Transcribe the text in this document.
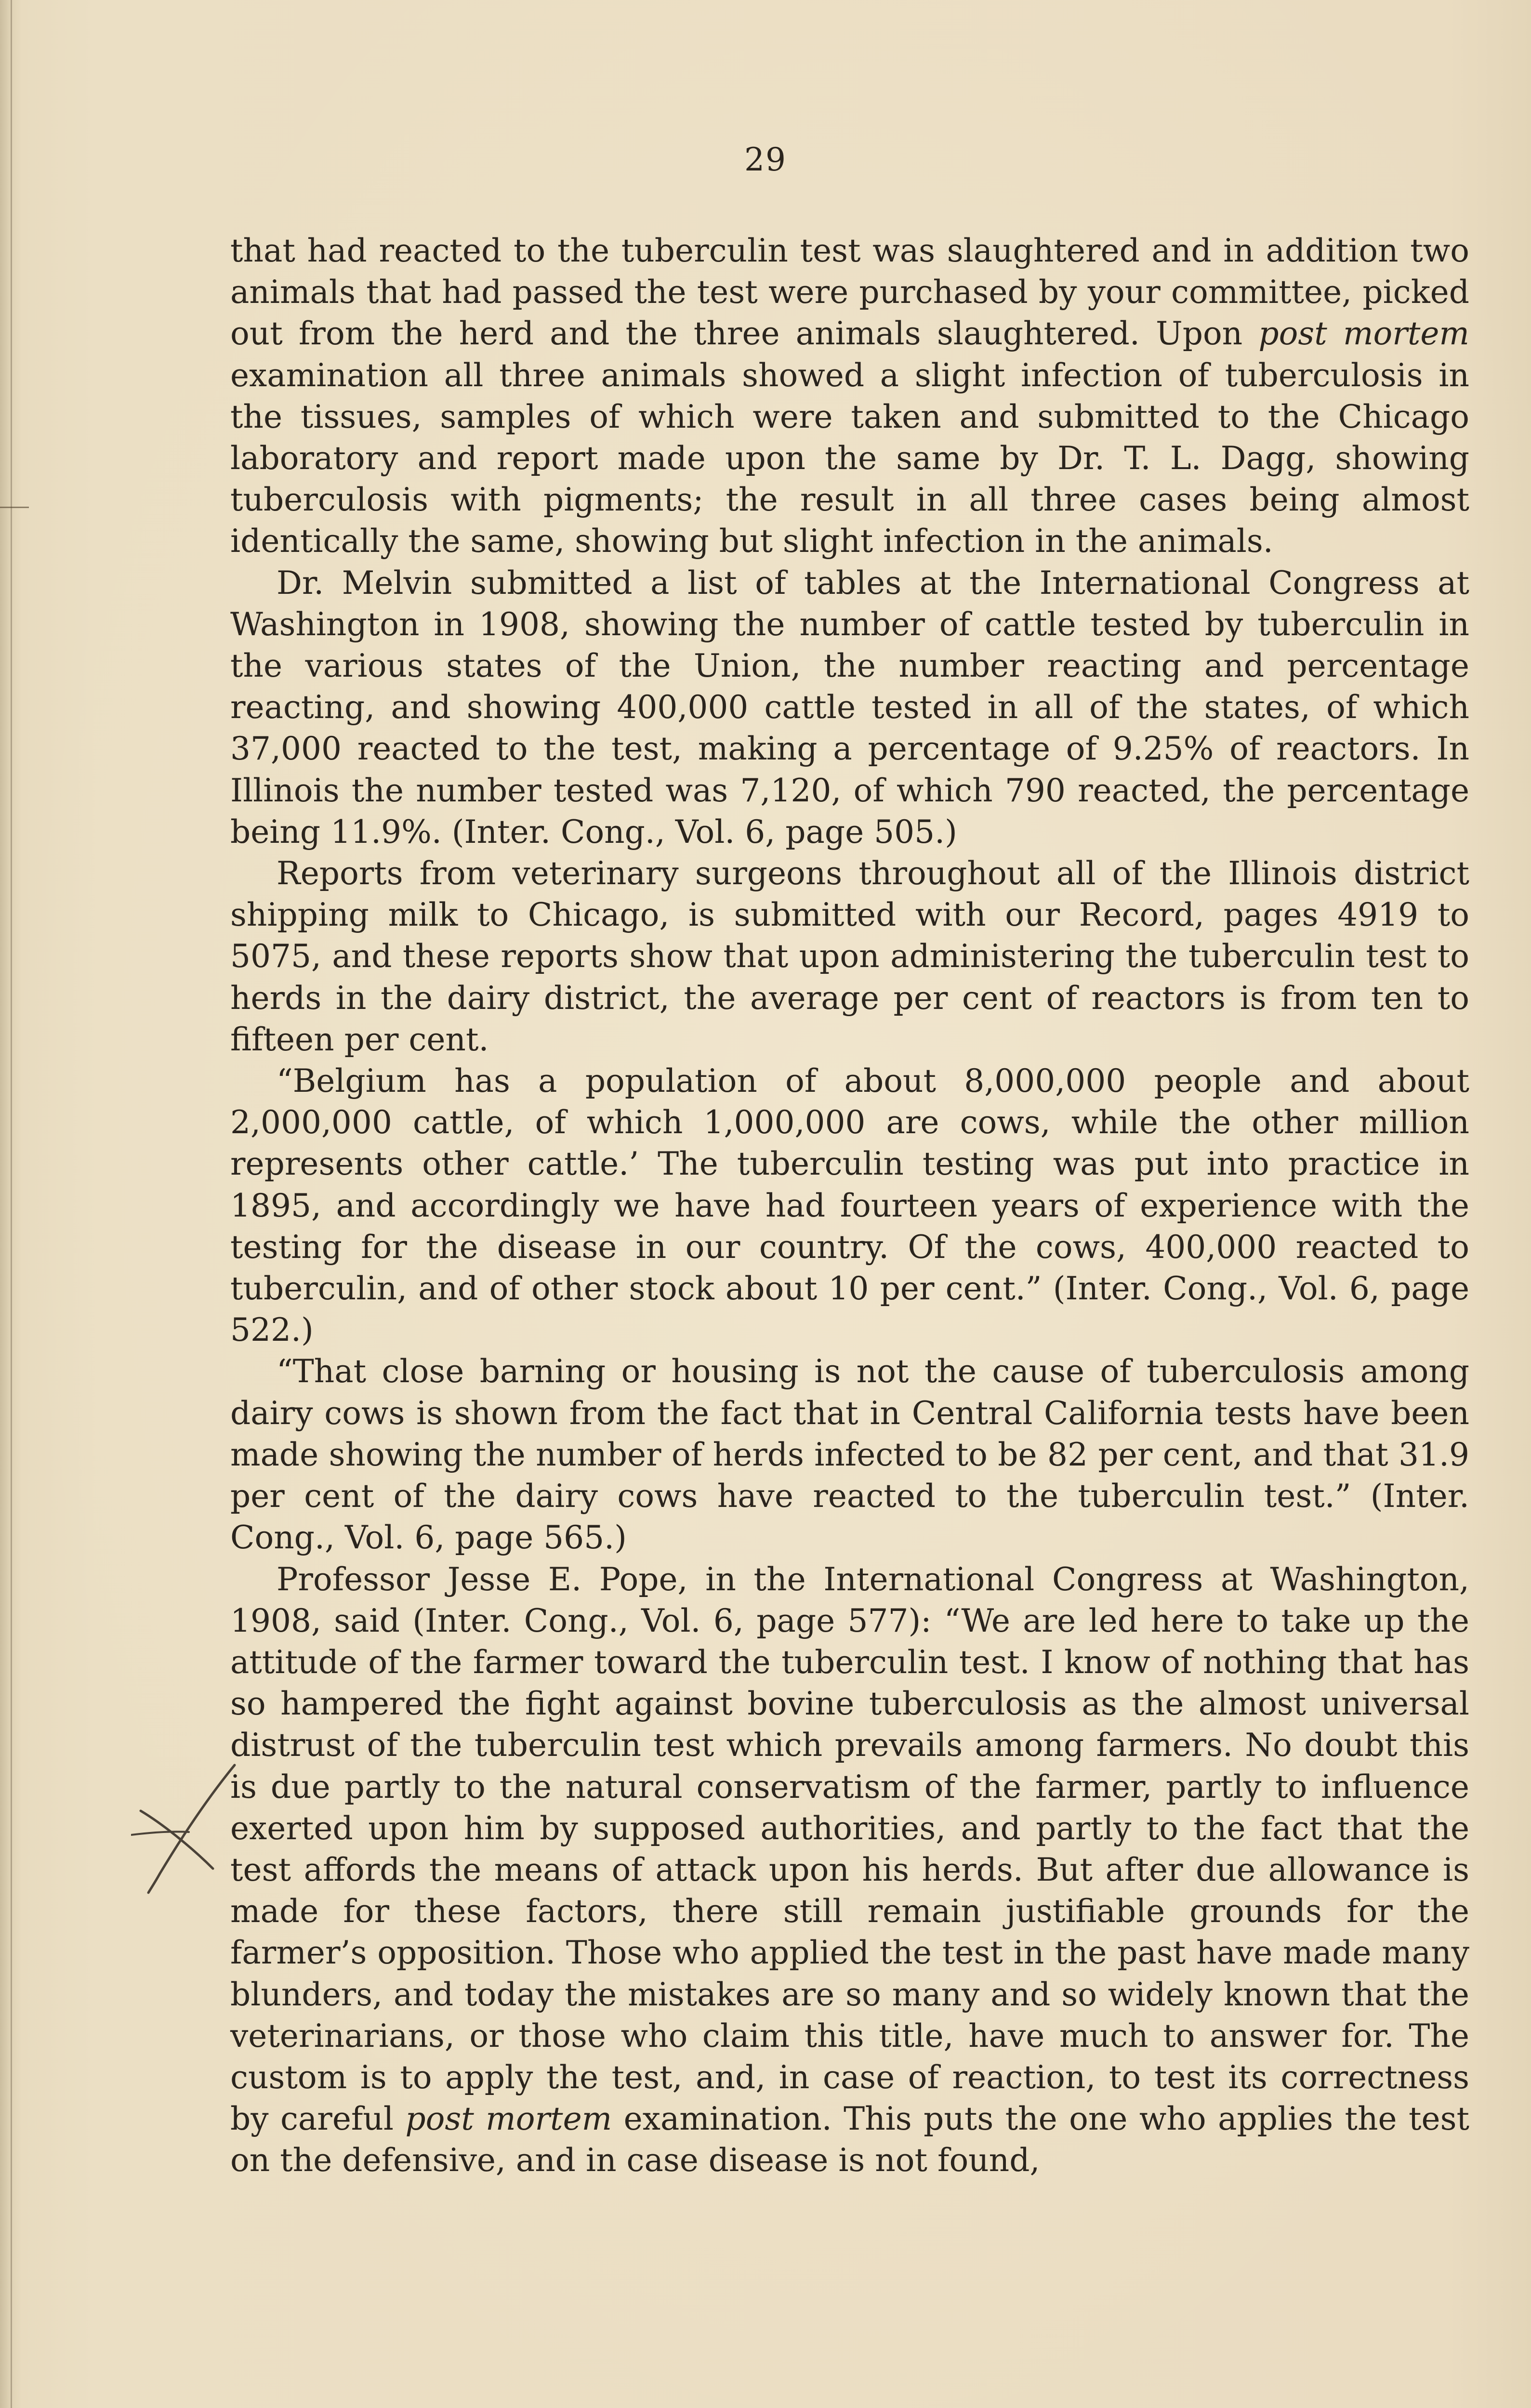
29

that had reacted to the tuberculin test was slaughtered and in addition two animals that had passed the test were purchased by your committee, picked out from the herd and the three animals slaughtered. Upon post mortem examination all three animals showed a slight infection of tuberculosis in the tissues, samples of which were taken and submitted to the Chicago laboratory and report made upon the same by Dr. T. L. Dagg, showing tuberculosis with pigments; the result in all three cases being almost identically the same, showing but slight infection in the animals.

Dr. Melvin submitted a list of tables at the International Congress at Washington in 1908, showing the number of cattle tested by tuberculin in the various states of the Union, the number reacting and percentage reacting, and showing 400,000 cattle tested in all of the states, of which 37,000 reacted to the test, making a percentage of 9.25% of reactors. In Illinois the number tested was 7,120, of which 790 reacted, the percentage being 11.9%. (Inter. Cong., Vol. 6, page 505.)

Reports from veterinary surgeons throughout all of the Illinois district shipping milk to Chicago, is submitted with our Record, pages 4919 to 5075, and these reports show that upon administering the tuberculin test to herds in the dairy district, the average per cent of reactors is from ten to fifteen per cent.

“Belgium has a population of about 8,000,000 people and about 2,000,000 cattle, of which 1,000,000 are cows, while the other million represents other cattle.’ The tuberculin testing was put into practice in 1895, and accordingly we have had fourteen years of experience with the testing for the disease in our country. Of the cows, 400,000 reacted to tuberculin, and of other stock about 10 per cent.” (Inter. Cong., Vol. 6, page 522.)

“That close barning or housing is not the cause of tuberculosis among dairy cows is shown from the fact that in Central California tests have been made showing the number of herds infected to be 82 per cent, and that 31.9 per cent of the dairy cows have reacted to the tuberculin test.” (Inter. Cong., Vol. 6, page 565.)

Professor Jesse E. Pope, in the International Congress at Washington, 1908, said (Inter. Cong., Vol. 6, page 577): “We are led here to take up the attitude of the farmer toward the tuberculin test. I know of nothing that has so hampered the fight against bovine tuberculosis as the almost universal distrust of the tuberculin test which prevails among farmers. No doubt this is due partly to the natural conservatism of the farmer, partly to influence exerted upon him by supposed authorities, and partly to the fact that the test affords the means of attack upon his herds. But after due allowance is made for these factors, there still remain justifiable grounds for the farmer’s opposition. Those who applied the test in the past have made many blunders, and today the mistakes are so many and so widely known that the veterinarians, or those who claim this title, have much to answer for. The custom is to apply the test, and, in case of reaction, to test its correctness by careful post mortem examination. This puts the one who applies the test on the defensive, and in case disease is not found,
